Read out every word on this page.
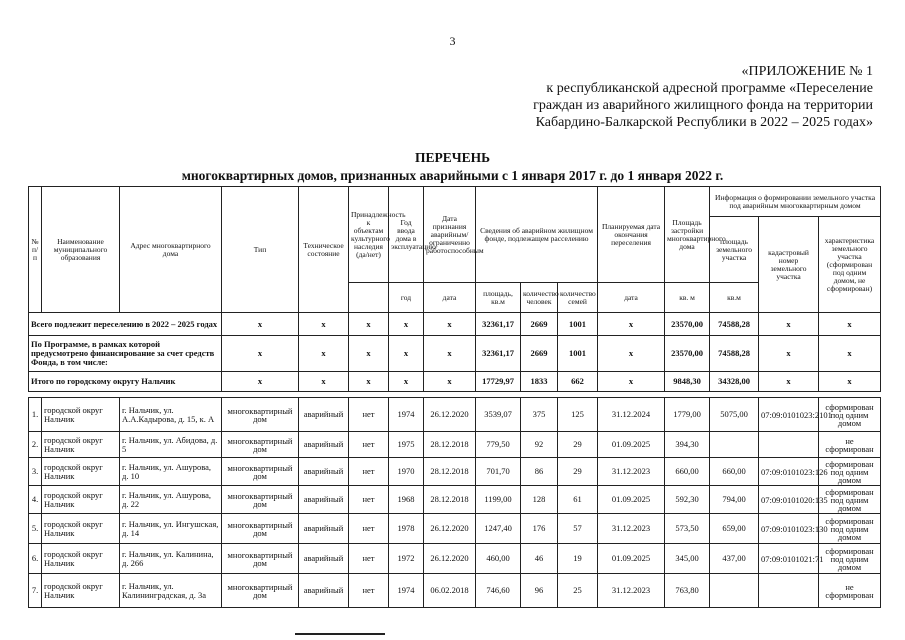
3
«ПРИЛОЖЕНИЕ № 1
к республиканской адресной программе «Переселение
граждан из аварийного жилищного фонда на территории
Кабардино-Балкарской Республики в 2022 – 2025 годах»
ПЕРЕЧЕНЬ
многоквартирных домов, признанных аварийными с 1 января 2017 г. до 1 января 2022 г.
№ п/п	Наименование муниципального образования	Адрес многоквартирного дома	Тип	Техническое состояние	Принадлежность к объектам культурного наследия (да/нет)	Год ввода дома в эксплуатацию	Дата признания аварийным/ограниченно работоспособным	Сведения об аварийном жилищном фонде, подлежащем расселению			Планируемая дата окончания переселения	Площадь застройки многоквартирного дома	Информация о формировании земельного участка под аварийным многоквартирным домом		
													площадь земельного участка	кадастровый номер земельного участка	характеристика земельного участка (сформирован под одним домом, не сформирован)
						год	дата	площадь, кв.м	количество человек	количество семей	дата	кв. м	кв.м		
Всего подлежит переселению в 2022 – 2025 годах			x	x	x	x	x	32361,17	2669	1001	x	23570,00	74588,28	x	x
По Программе, в рамках которой предусмотрено финансирование за счет средств Фонда, в том числе:			x	x	x	x	x	32361,17	2669	1001	x	23570,00	74588,28	x	x
Итого по городскому округу Нальчик			x	x	x	x	x	17729,97	1833	662	x	9848,30	34328,00	x	x

1.	городской округ Нальчик	г. Нальчик, ул. А.А.Кадырова, д. 15, к. А	многоквартирный дом	аварийный	нет	1974	26.12.2020	3539,07	375	125	31.12.2024	1779,00	5075,00	07:09:0101023:2101	сформирован под одним домом
2.	городской округ Нальчик	г. Нальчик, ул. Абидова, д. 5	многоквартирный дом	аварийный	нет	1975	28.12.2018	779,50	92	29	01.09.2025	394,30			не сформирован
3.	городской округ Нальчик	г. Нальчик, ул. Ашурова, д. 10	многоквартирный дом	аварийный	нет	1970	28.12.2018	701,70	86	29	31.12.2023	660,00	660,00	07:09:0101023:126	сформирован под одним домом
4.	городской округ Нальчик	г. Нальчик, ул. Ашурова, д. 22	многоквартирный дом	аварийный	нет	1968	28.12.2018	1199,00	128	61	01.09.2025	592,30	794,00	07:09:0101020:135	сформирован под одним домом
5.	городской округ Нальчик	г. Нальчик, ул. Ингушская, д. 14	многоквартирный дом	аварийный	нет	1978	26.12.2020	1247,40	176	57	31.12.2023	573,50	659,00	07:09:0101023:130	сформирован под одним домом
6.	городской округ Нальчик	г. Нальчик, ул. Калинина, д. 266	многоквартирный дом	аварийный	нет	1972	26.12.2020	460,00	46	19	01.09.2025	345,00	437,00	07:09:0101021:71	сформирован под одним домом
7.	городской округ Нальчик	г. Нальчик, ул. Калининградская, д. 3а	многоквартирный дом	аварийный	нет	1974	06.02.2018	746,60	96	25	31.12.2023	763,80			не сформирован
